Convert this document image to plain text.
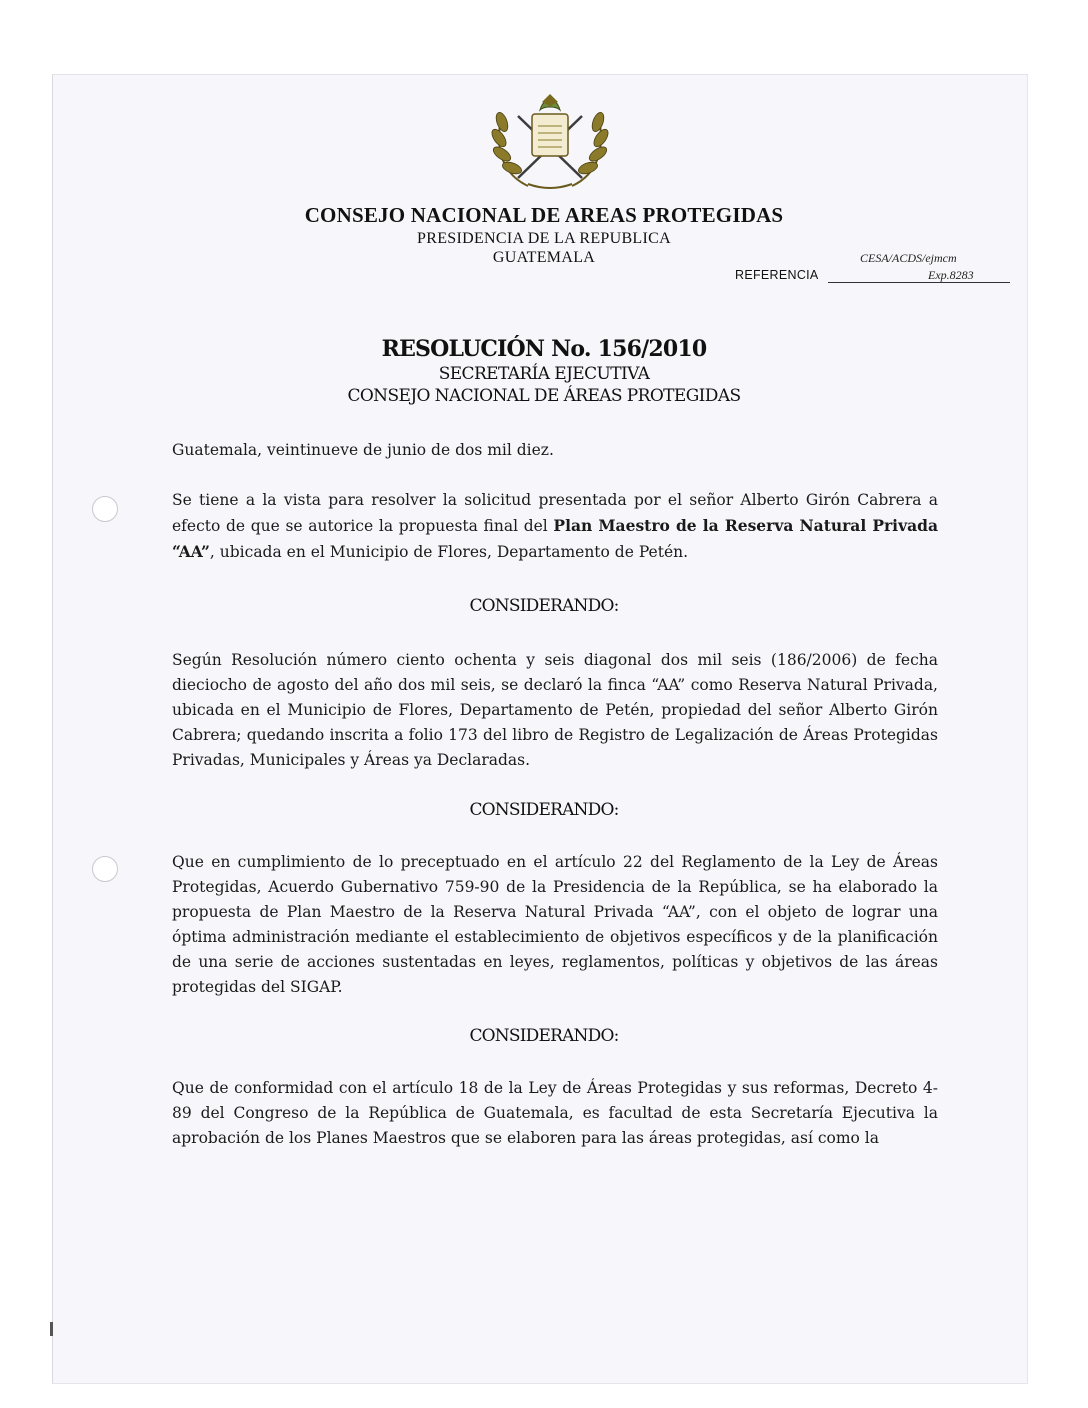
CONSEJO NACIONAL DE AREAS PROTEGIDAS
PRESIDENCIA DE LA REPUBLICA
GUATEMALA	CESA/ACDS/ejmcm
REFERENCIA	Exp.8283
RESOLUCIÓN No. 156/2010
SECRETARÍA EJECUTIVA
CONSEJO NACIONAL DE ÁREAS PROTEGIDAS

Guatemala, veintinueve de junio de dos mil diez.

Se tiene a la vista para resolver la solicitud presentada por el señor Alberto Girón Cabrera a efecto de que se autorice la propuesta final del Plan Maestro de la Reserva Natural Privada “AA”, ubicada en el Municipio de Flores, Departamento de Petén.

CONSIDERANDO:

Según Resolución número ciento ochenta y seis diagonal dos mil seis (186/2006) de fecha dieciocho de agosto del año dos mil seis, se declaró la finca “AA” como Reserva Natural Privada, ubicada en el Municipio de Flores, Departamento de Petén, propiedad del señor Alberto Girón Cabrera; quedando inscrita a folio 173 del libro de Registro de Legalización de Áreas Protegidas Privadas, Municipales y Áreas ya Declaradas.

CONSIDERANDO:

Que en cumplimiento de lo preceptuado en el artículo 22 del Reglamento de la Ley de Áreas Protegidas, Acuerdo Gubernativo 759-90 de la Presidencia de la República, se ha elaborado la propuesta de Plan Maestro de la Reserva Natural Privada “AA”, con el objeto de lograr una óptima administración mediante el establecimiento de objetivos específicos y de la planificación de una serie de acciones sustentadas en leyes, reglamentos, políticas y objetivos de las áreas protegidas del SIGAP.

CONSIDERANDO:

Que de conformidad con el artículo 18 de la Ley de Áreas Protegidas y sus reformas, Decreto 4-89 del Congreso de la República de Guatemala, es facultad de esta Secretaría Ejecutiva la aprobación de los Planes Maestros que se elaboren para las áreas protegidas, así como la
